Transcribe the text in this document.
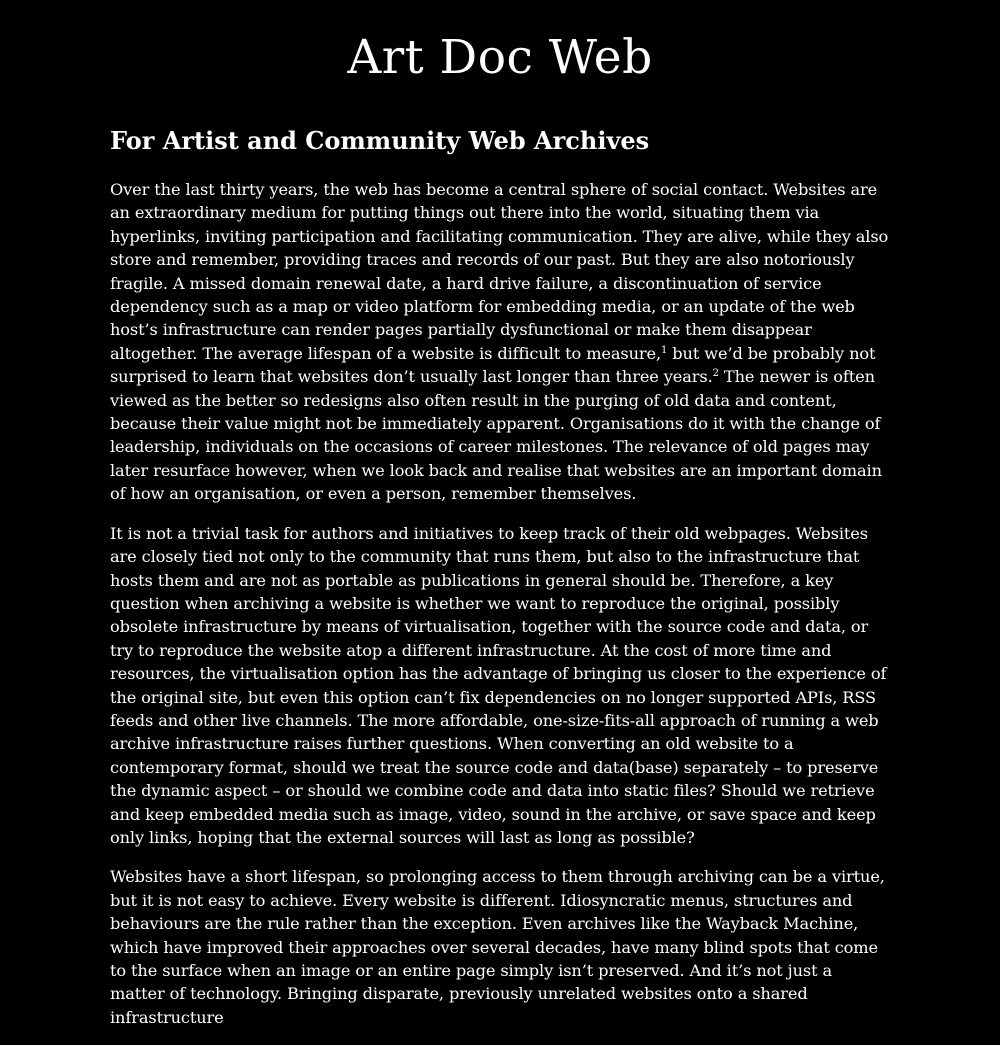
Art Doc Web
For Artist and Community Web Archives

Over the last thirty years, the web has become a central sphere of social contact. Websites are an extraordinary medium for putting things out there into the world, situating them via hyperlinks, inviting participation and facilitating communication. They are alive, while they also store and remember, providing traces and records of our past. But they are also notoriously fragile. A missed domain renewal date, a hard drive failure, a discontinuation of service dependency such as a map or video platform for embedding media, or an update of the web host’s infrastructure can render pages partially dysfunctional or make them disappear altogether. The average lifespan of a website is difficult to measure,$^1$ but we’d be probably not surprised to learn that websites don’t usually last longer than three years.$^2$ The newer is often viewed as the better so redesigns also often result in the purging of old data and content, because their value might not be immediately apparent. Organisations do it with the change of leadership, individuals on the occasions of career milestones. The relevance of old pages may later resurface however, when we look back and realise that websites are an important domain of how an organisation, or even a person, remember themselves.

It is not a trivial task for authors and initiatives to keep track of their old webpages. Websites are closely tied not only to the community that runs them, but also to the infrastructure that hosts them and are not as portable as publications in general should be. Therefore, a key question when archiving a website is whether we want to reproduce the original, possibly obsolete infrastructure by means of virtualisation, together with the source code and data, or try to reproduce the website atop a different infrastructure. At the cost of more time and resources, the virtualisation option has the advantage of bringing us closer to the experience of the original site, but even this option can’t fix dependencies on no longer supported APIs, RSS feeds and other live channels. The more affordable, one-size-fits-all approach of running a web archive infrastructure raises further questions. When converting an old website to a contemporary format, should we treat the source code and data(base) separately – to preserve the dynamic aspect – or should we combine code and data into static files? Should we retrieve and keep embedded media such as image, video, sound in the archive, or save space and keep only links, hoping that the external sources will last as long as possible?

Websites have a short lifespan, so prolonging access to them through archiving can be a virtue, but it is not easy to achieve. Every website is different. Idiosyncratic menus, structures and behaviours are the rule rather than the exception. Even archives like the Wayback Machine, which have improved their approaches over several decades, have many blind spots that come to the surface when an image or an entire page simply isn’t preserved. And it’s not just a matter of technology. Bringing disparate, previously unrelated websites onto a shared infrastructure
